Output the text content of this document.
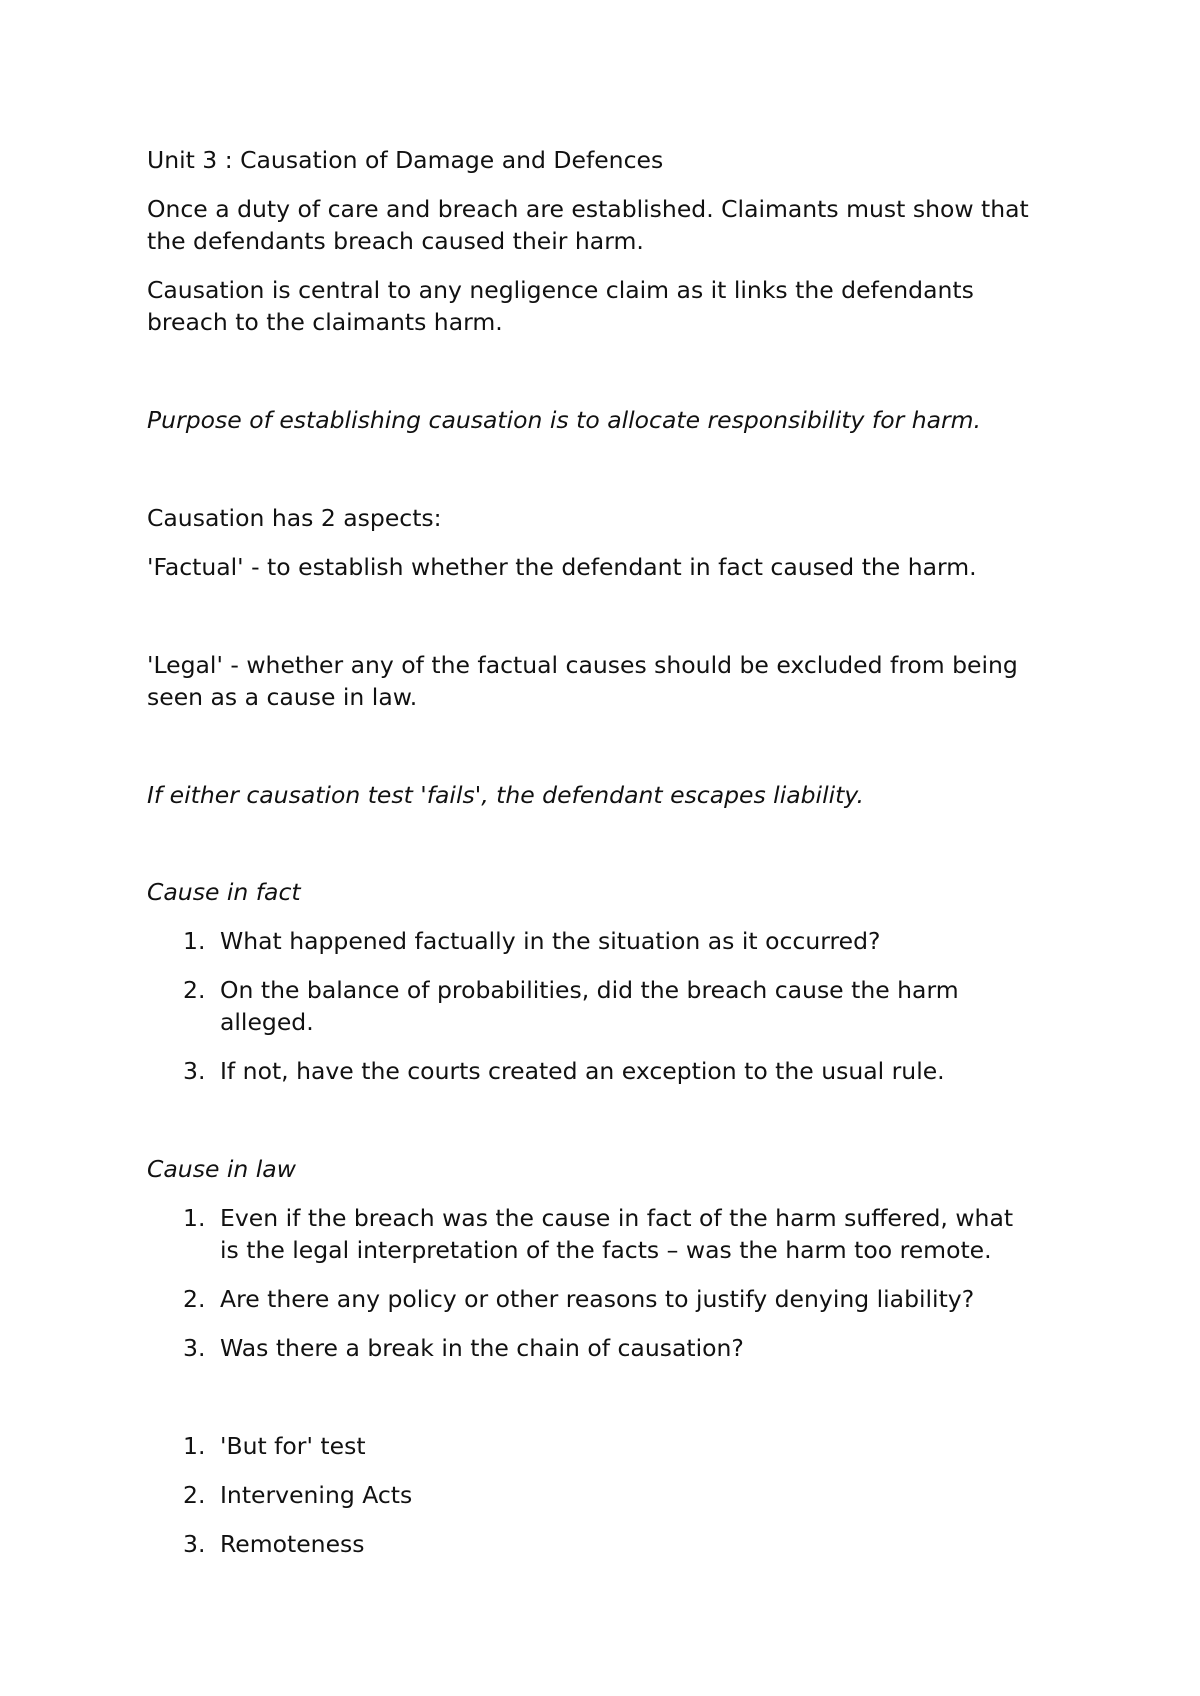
Unit 3 : Causation of Damage and Defences

Once a duty of care and breach are established. Claimants must show that

the defendants breach caused their harm.

Causation is central to any negligence claim as it links the defendants

breach to the claimants harm.

Purpose of establishing causation is to allocate responsibility for harm.

Causation has 2 aspects:

'Factual' - to establish whether the defendant in fact caused the harm.

'Legal' - whether any of the factual causes should be excluded from being

seen as a cause in law.

If either causation test 'fails', the defendant escapes liability.

Cause in fact

1. What happened factually in the situation as it occurred?
2. On the balance of probabilities, did the breach cause the harm
alleged.
3. If not, have the courts created an exception to the usual rule.

Cause in law

1. Even if the breach was the cause in fact of the harm suffered, what
is the legal interpretation of the facts – was the harm too remote.
2. Are there any policy or other reasons to justify denying liability?
3. Was there a break in the chain of causation?
1. 'But for' test
2. Intervening Acts
3. Remoteness
